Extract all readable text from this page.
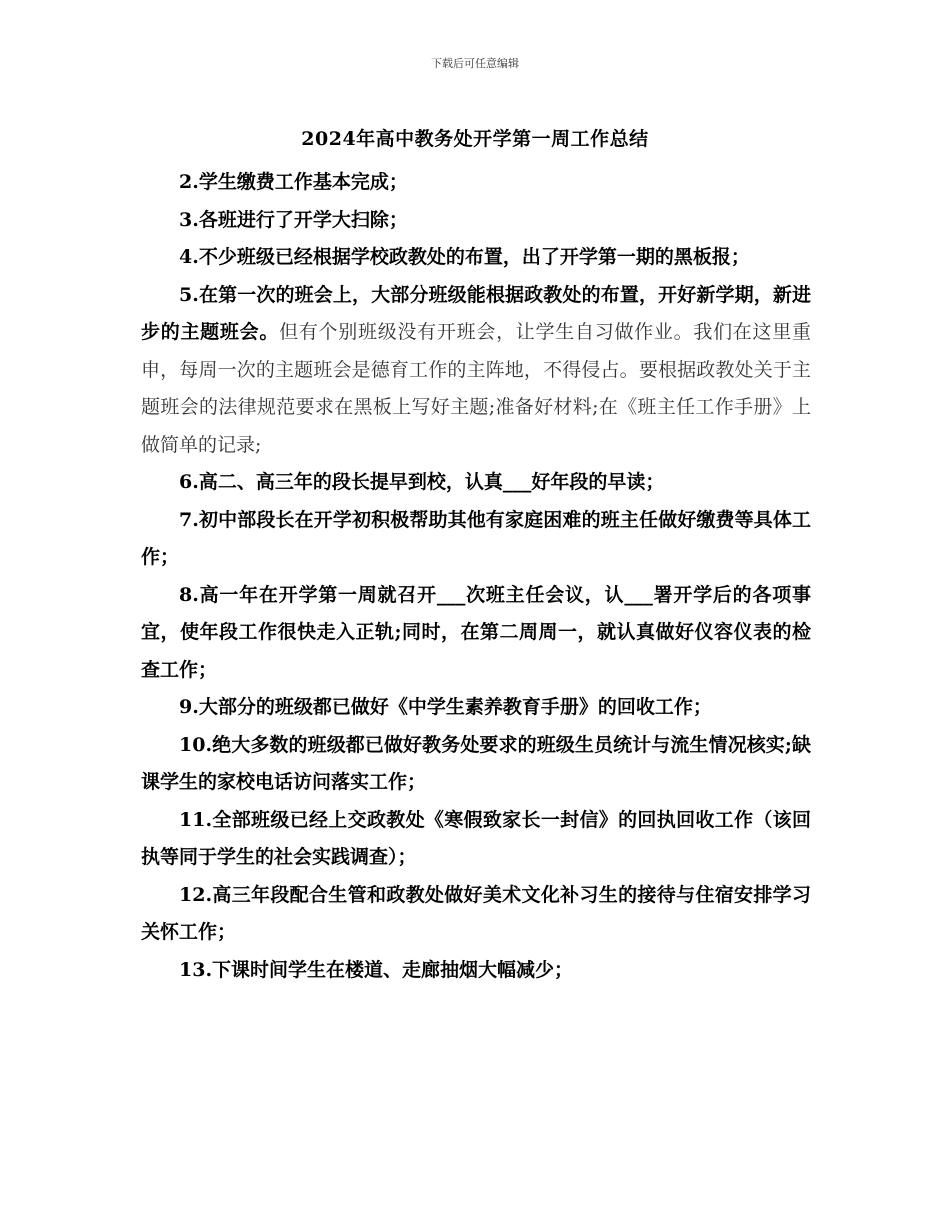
下载后可任意编辑
2024年高中教务处开学第一周工作总结

2.学生缴费工作基本完成；

3.各班进行了开学大扫除；

4.不少班级已经根据学校政教处的布置，出了开学第一期的黑板报；

5.在第一次的班会上，大部分班级能根据政教处的布置，开好新学期，新进步的主题班会。但有个别班级没有开班会，让学生自习做作业。我们在这里重申，每周一次的主题班会是德育工作的主阵地，不得侵占。要根据政教处关于主题班会的法律规范要求在黑板上写好主题;准备好材料;在《班主任工作手册》上做简单的记录;

6.高二、高三年的段长提早到校，认真___好年段的早读；

7.初中部段长在开学初积极帮助其他有家庭困难的班主任做好缴费等具体工作；

8.高一年在开学第一周就召开___次班主任会议，认___署开学后的各项事宜，使年段工作很快走入正轨;同时，在第二周周一，就认真做好仪容仪表的检查工作；

9.大部分的班级都已做好《中学生素养教育手册》的回收工作；

10.绝大多数的班级都已做好教务处要求的班级生员统计与流生情况核实;缺课学生的家校电话访问落实工作；

11.全部班级已经上交政教处《寒假致家长一封信》的回执回收工作（该回执等同于学生的社会实践调查）；

12.高三年段配合生管和政教处做好美术文化补习生的接待与住宿安排学习关怀工作；

13.下课时间学生在楼道、走廊抽烟大幅减少；
